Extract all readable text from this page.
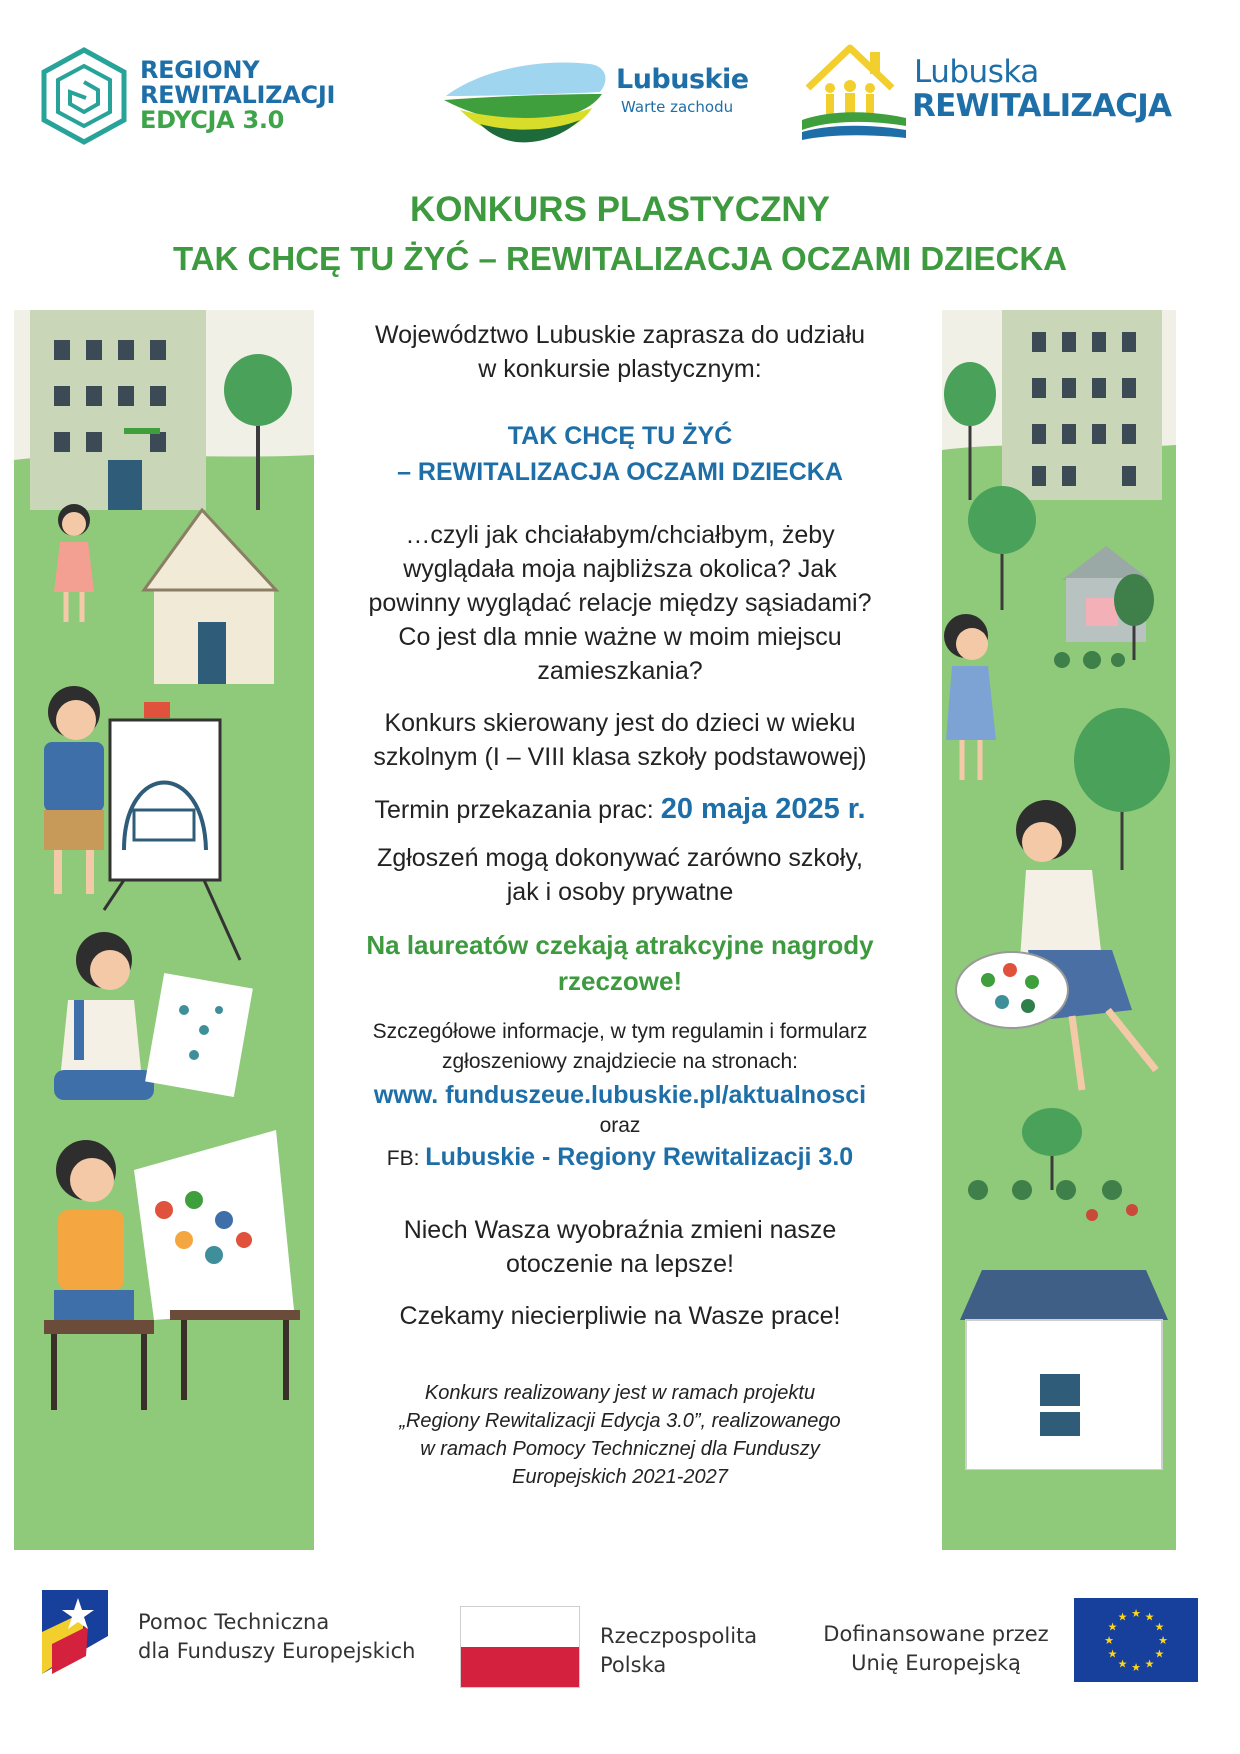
REGIONY
REWITALIZACJI
EDYCJA 3.0
Lubuskie
Warte zachodu
Lubuska
REWITALIZACJA
KONKURS PLASTYCZNY
TAK CHCĘ TU ŻYĆ – REWITALIZACJA OCZAMI DZIECKA

Województwo Lubuskie zaprasza do udziału
w konkursie plastycznym:

TAK CHCĘ TU ŻYĆ
– REWITALIZACJA OCZAMI DZIECKA

…czyli jak chciałabym/chciałbym, żeby
wyglądała moja najbliższa okolica? Jak
powinny wyglądać relacje między sąsiadami?
Co jest dla mnie ważne w moim miejscu
zamieszkania?

Konkurs skierowany jest do dzieci w wieku
szkolnym (I – VIII klasa szkoły podstawowej)

Termin przekazania prac: 20 maja 2025 r.

Zgłoszeń mogą dokonywać zarówno szkoły,
jak i osoby prywatne

Na laureatów czekają atrakcyjne nagrody
rzeczowe!

Szczegółowe informacje, w tym regulamin i formularz
zgłoszeniowy znajdziecie na stronach:

www. funduszeue.lubuskie.pl/aktualnosci

oraz

FB: Lubuskie - Regiony Rewitalizacji 3.0

Niech Wasza wyobraźnia zmieni nasze
otoczenie na lepsze!

Czekamy niecierpliwie na Wasze prace!

Konkurs realizowany jest w ramach projektu
„Regiony Rewitalizacji Edycja 3.0”, realizowanego
w ramach Pomocy Technicznej dla Funduszy
Europejskich 2021-2027

Pomoc Techniczna
dla Funduszy Europejskich
Rzeczpospolita
Polska
Dofinansowane przez
Unię Europejską
★
★
★
★
★
★
★
★
★ ★ ★
★
